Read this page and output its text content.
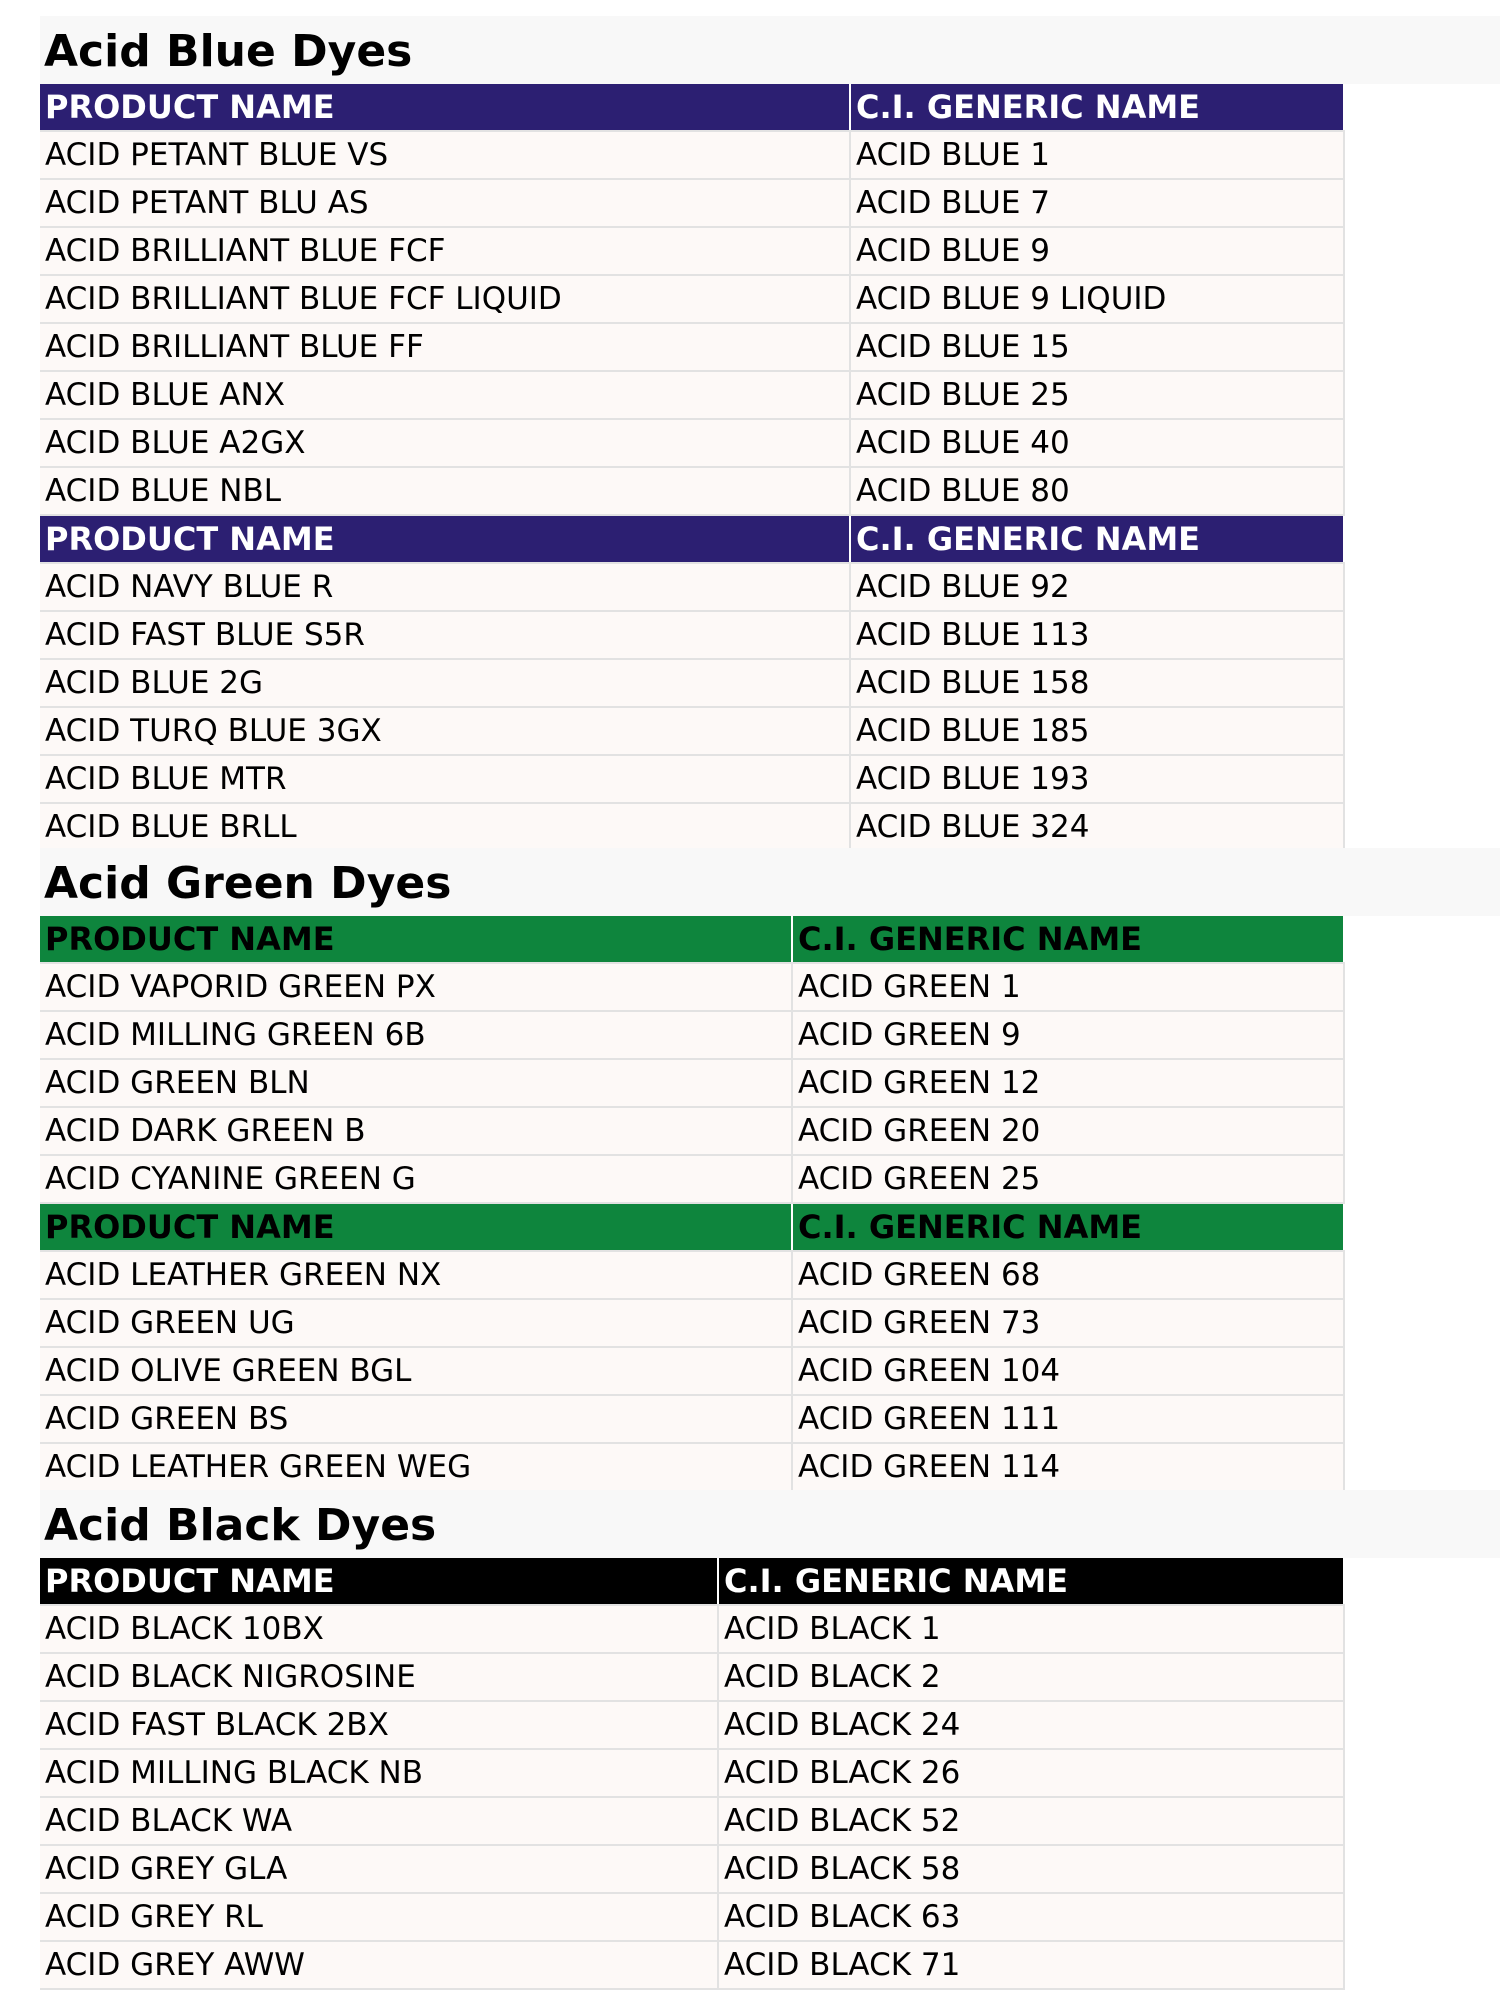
Acid Blue Dyes
PRODUCT NAME	C.I. GENERIC NAME
ACID PETANT BLUE VS	ACID BLUE 1
ACID PETANT BLU AS	ACID BLUE 7
ACID BRILLIANT BLUE FCF	ACID BLUE 9
ACID BRILLIANT BLUE FCF LIQUID	ACID BLUE 9 LIQUID
ACID BRILLIANT BLUE FF	ACID BLUE 15
ACID BLUE ANX	ACID BLUE 25
ACID BLUE A2GX	ACID BLUE 40
ACID BLUE NBL	ACID BLUE 80
PRODUCT NAME	C.I. GENERIC NAME
ACID NAVY BLUE R	ACID BLUE 92
ACID FAST BLUE S5R	ACID BLUE 113
ACID BLUE 2G	ACID BLUE 158
ACID TURQ BLUE 3GX	ACID BLUE 185
ACID BLUE MTR	ACID BLUE 193
ACID BLUE BRLL	ACID BLUE 324
Acid Green Dyes
PRODUCT NAME	C.I. GENERIC NAME
ACID VAPORID GREEN PX	ACID GREEN 1
ACID MILLING GREEN 6B	ACID GREEN 9
ACID GREEN BLN	ACID GREEN 12
ACID DARK GREEN B	ACID GREEN 20
ACID CYANINE GREEN G	ACID GREEN 25
PRODUCT NAME	C.I. GENERIC NAME
ACID LEATHER GREEN NX	ACID GREEN 68
ACID GREEN UG	ACID GREEN 73
ACID OLIVE GREEN BGL	ACID GREEN 104
ACID GREEN BS	ACID GREEN 111
ACID LEATHER GREEN WEG	ACID GREEN 114
Acid Black Dyes
PRODUCT NAME	C.I. GENERIC NAME
ACID BLACK 10BX	ACID BLACK 1
ACID BLACK NIGROSINE	ACID BLACK 2
ACID FAST BLACK 2BX	ACID BLACK 24
ACID MILLING BLACK NB	ACID BLACK 26
ACID BLACK WA	ACID BLACK 52
ACID GREY GLA	ACID BLACK 58
ACID GREY RL	ACID BLACK 63
ACID GREY AWW	ACID BLACK 71
